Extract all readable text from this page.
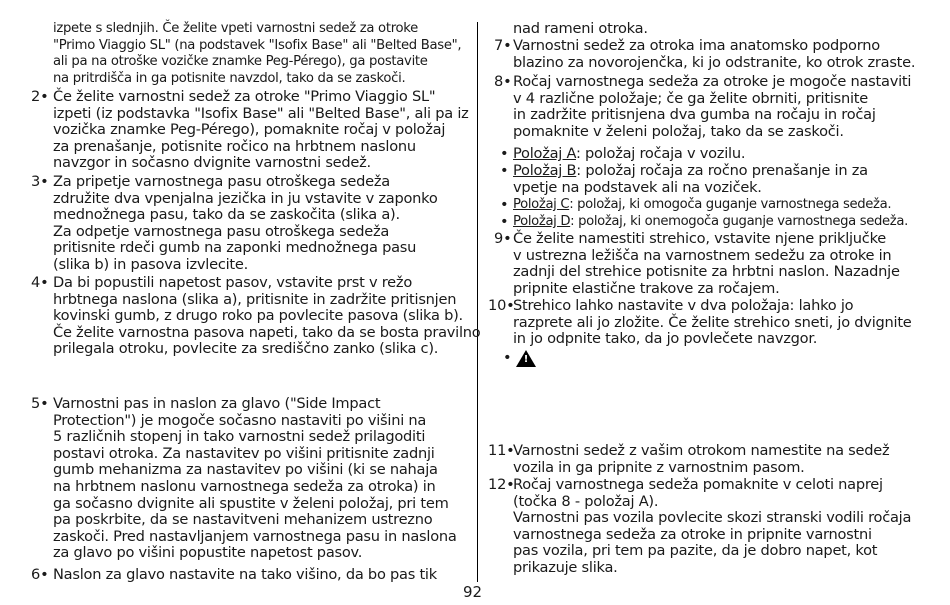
izpete s slednjih. Če želite vpeti varnostni sedež za otroke
"Primo Viaggio SL" (na podstavek "Isofix Base" ali "Belted Base",
ali pa na otroške vozičke znamke Peg-Pérego), ga postavite
na pritrdišča in ga potisnite navzdol, tako da se zaskoči.
2• Če želite varnostni sedež za otroke "Primo Viaggio SL"
izpeti (iz podstavka "Isofix Base" ali "Belted Base", ali pa iz
vozička znamke Peg-Pérego), pomaknite ročaj v položaj
za prenašanje, potisnite ročico na hrbtnem naslonu
navzgor in sočasno dvignite varnostni sedež.
3• Za pripetje varnostnega pasu otroškega sedeža
združite dva vpenjalna jezička in ju vstavite v zaponko
mednožnega pasu, tako da se zaskočita (slika a).
Za odpetje varnostnega pasu otroškega sedeža
pritisnite rdeči gumb na zaponki mednožnega pasu
(slika b) in pasova izvlecite.
4• Da bi popustili napetost pasov, vstavite prst v režo
hrbtnega naslona (slika a), pritisnite in zadržite pritisnjen
kovinski gumb, z drugo roko pa povlecite pasova (slika b).
Če želite varnostna pasova napeti, tako da se bosta pravilno
prilegala otroku, povlecite za središčno zanko (slika c).
5• Varnostni pas in naslon za glavo ("Side Impact
Protection") je mogoče sočasno nastaviti po višini na
5 različnih stopenj in tako varnostni sedež prilagoditi
postavi otroka. Za nastavitev po višini pritisnite zadnji
gumb mehanizma za nastavitev po višini (ki se nahaja
na hrbtnem naslonu varnostnega sedeža za otroka) in
ga sočasno dvignite ali spustite v želeni položaj, pri tem
pa poskrbite, da se nastavitveni mehanizem ustrezno
zaskoči. Pred nastavljanjem varnostnega pasu in naslona
za glavo po višini popustite napetost pasov.
6• Naslon za glavo nastavite na tako višino, da bo pas tik
nad rameni otroka.
7• Varnostni sedež za otroka ima anatomsko podporno
blazino za novorojenčka, ki jo odstranite, ko otrok zraste.
8• Ročaj varnostnega sedeža za otroke je mogoče nastaviti
v 4 različne položaje; če ga želite obrniti, pritisnite
in zadržite pritisnjena dva gumba na ročaju in ročaj
pomaknite v želeni položaj, tako da se zaskoči.
• Položaj A: položaj ročaja v vozilu.
• Položaj B: položaj ročaja za ročno prenašanje in za
vpetje na podstavek ali na voziček.
• Položaj C: položaj, ki omogoča guganje varnostnega sedeža.
• Položaj D: položaj, ki onemogoča guganje varnostnega sedeža.
9• Če želite namestiti strehico, vstavite njene priključke
v ustrezna ležišča na varnostnem sedežu za otroke in
zadnji del strehice potisnite za hrbtni naslon. Nazadnje
pripnite elastične trakove za ročajem.
10•
Strehico lahko nastavite v dva položaja: lahko jo
razprete ali jo zložite. Če želite strehico sneti, jo dvignite
in jo odpnite tako, da jo povlečete navzgor.
• !
11•
Varnostni sedež z vašim otrokom namestite na sedež
vozila in ga pripnite z varnostnim pasom.
12•
Ročaj varnostnega sedeža pomaknite v celoti naprej
(točka 8 - položaj A).
Varnostni pas vozila povlecite skozi stranski vodili ročaja
varnostnega sedeža za otroke in pripnite varnostni
pas vozila, pri tem pa pazite, da je dobro napet, kot
prikazuje slika.
92
